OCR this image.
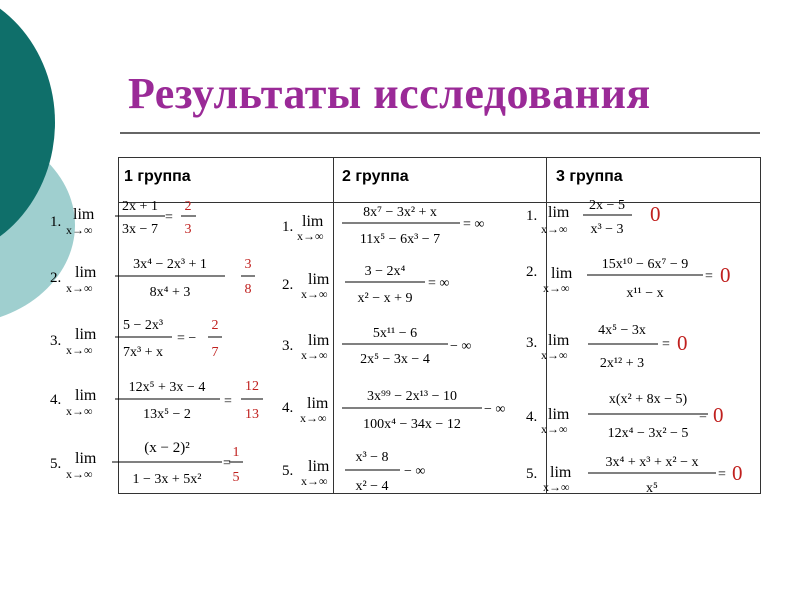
Результаты исследования
1 группа	2 группа	3 группа
1. lim
x→∞
2x + 1
3x − 7
=
2
3
2. lim
x→∞
3x⁴ − 2x³ + 1
8x⁴ + 3
3
8
3. lim
x→∞
5 − 2x³
7x³ + x
= −
2
7
4. lim
x→∞
12x⁵ + 3x − 4
13x⁵ − 2
=
12
13
5. lim
x→∞
(x − 2)²
1 − 3x + 5x²
=
1
5
1. lim
x→∞
8x⁷ − 3x² + x
11x⁵ − 6x³ − 7
= ∞
2. lim
x→∞
3 − 2x⁴
x² − x + 9
= ∞
3. lim
x→∞
5x¹¹ − 6
2x⁵ − 3x − 4
− ∞
4. lim
x→∞
3x⁹⁹ − 2x¹³ − 10
100x⁴ − 34x − 12
− ∞
5. lim
x→∞
x³ − 8
x² − 4
− ∞
1. lim
x→∞
2x − 5
x³ − 3
0
2. lim
x→∞
15x¹⁰ − 6x⁷ − 9
x¹¹ − x
= 0
3. lim
x→∞
4x⁵ − 3x
2x¹² + 3
= 0
4. lim
x→∞
x(x² + 8x − 5)
12x⁴ − 3x² − 5
= 0
5. lim
x→∞
3x⁴ + x³ + x² − x
x⁵
= 0
